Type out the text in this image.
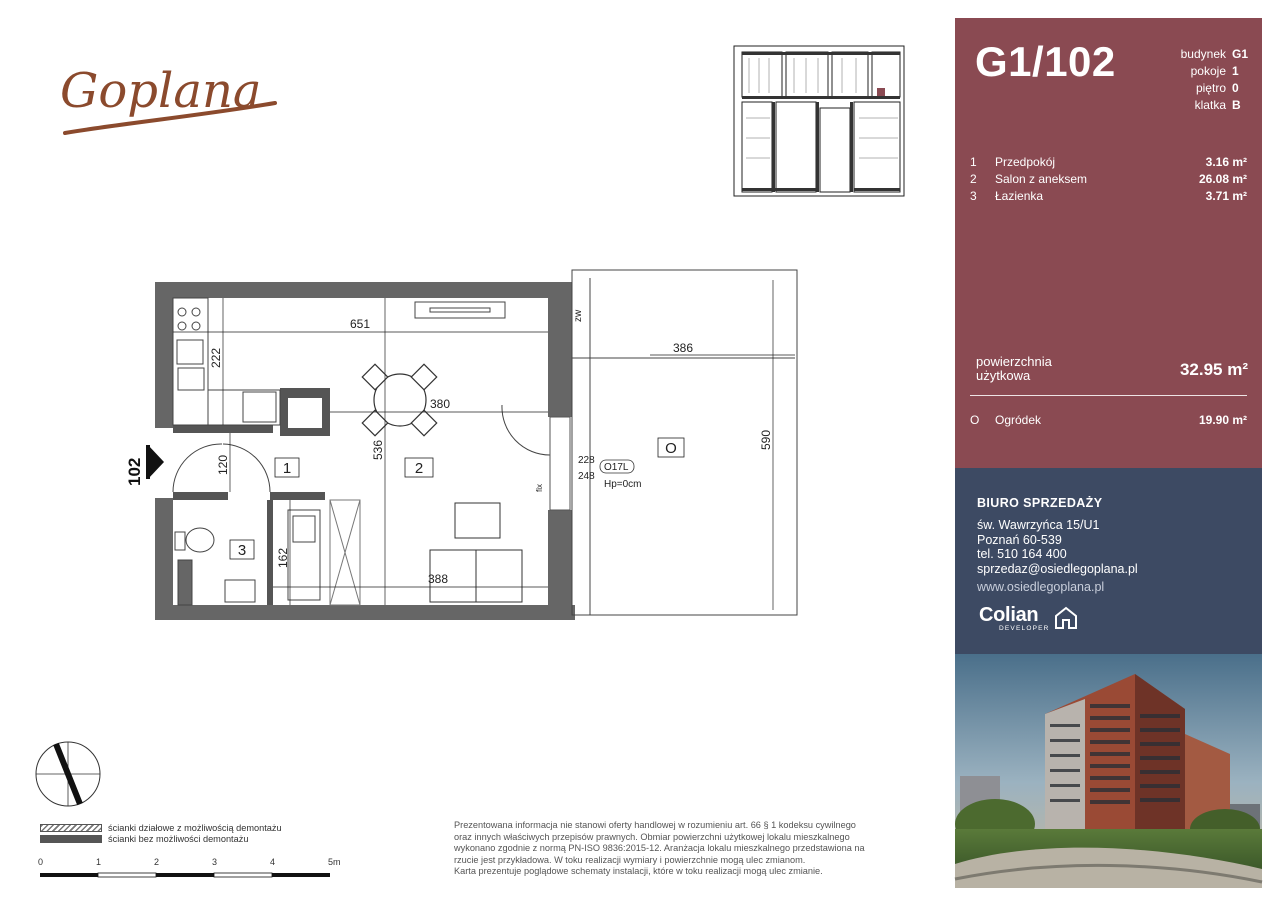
Goplana
651
222
380
536
120
162
388
386
590
228
248
zw
fix
O17L
Hp=0cm
1	2
3
O
102
ścianki działowe z możliwością demontażu
ścianki bez możliwości demontażu
0	1	2	3	4	5m
Prezentowana informacja nie stanowi oferty handlowej w rozumieniu art. 66 § 1 kodeksu cywilnego
oraz innych właściwych przepisów prawnych. Obmiar powierzchni użytkowej lokalu mieszkalnego
wykonano zgodnie z normą PN-ISO 9836:2015-12. Aranżacja lokalu mieszkalnego przedstawiona na
rzucie jest przykładowa. W toku realizacji wymiary i powierzchnie mogą ulec zmianom.
Karta prezentuje poglądowe schematy instalacji, które w toku realizacji mogą ulec zmianie.
G1/102	budynek G1
pokoje 1
piętro 0
klatka B
1	Przedpokój	3.16 m²
2	Salon z aneksem	26.08 m²
3	Łazienka	3.71 m²
powierzchnia
użytkowa	32.95 m²
O	Ogródek	19.90 m²
BIURO SPRZEDAŻY
św. Wawrzyńca 15/U1
Poznań 60-539
tel. 510 164 400
sprzedaz@osiedlegoplana.pl
www.osiedlegoplana.pl
Colian
DEVELOPER
